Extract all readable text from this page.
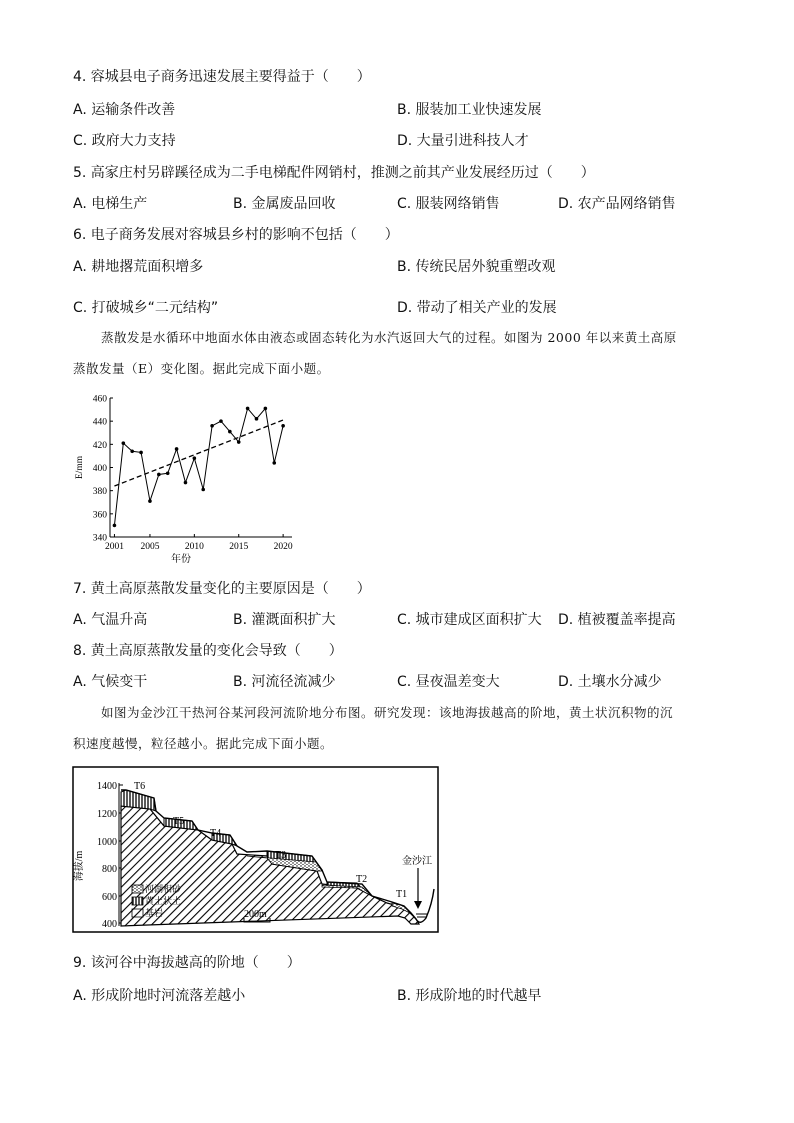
4. 容城县电子商务迅速发展主要得益于（　　）
A. 运输条件改善	B. 服装加工业快速发展
C. 政府大力支持	D. 大量引进科技人才
5. 高家庄村另辟蹊径成为二手电梯配件网销村，推测之前其产业发展经历过（　　）
A. 电梯生产	B. 金属废品回收	C. 服装网络销售	D. 农产品网络销售
6. 电子商务发展对容城县乡村的影响不包括（　　）
A. 耕地撂荒面积增多	B. 传统民居外貌重塑改观
C. 打破城乡“二元结构”	D. 带动了相关产业的发展
蒸散发是水循环中地面水体由液态或固态转化为水汽返回大气的过程。如图为 2000 年以来黄土高原
蒸散发量（E）变化图。据此完成下面小题。
340
360
380
400
420
440
460
2001 2005	2010	2015	2020
E/mm
年份
7. 黄土高原蒸散发量变化的主要原因是（　　）
A. 气温升高	B. 灌溉面积扩大	C. 城市建成区面积扩大 D. 植被覆盖率提高
8. 黄土高原蒸散发量的变化会导致（　　）
A. 气候变干	B. 河流径流减少	C. 昼夜温差变大	D. 土壤水分减少
如图为金沙江干热河谷某河段河流阶地分布图。研究发现：该地海拔越高的阶地，黄土状沉积物的沉
积速度越慢，粒径越小。据此完成下面小题。
海拔/m
1400
1200
1000
800
600
400
T6
T5
T4
T3
T2
T1
金沙江
河湖相砂
黄土状土
基岩	200m
9. 该河谷中海拔越高的阶地（　　）
A. 形成阶地时河流落差越小	B. 形成阶地的时代越早
